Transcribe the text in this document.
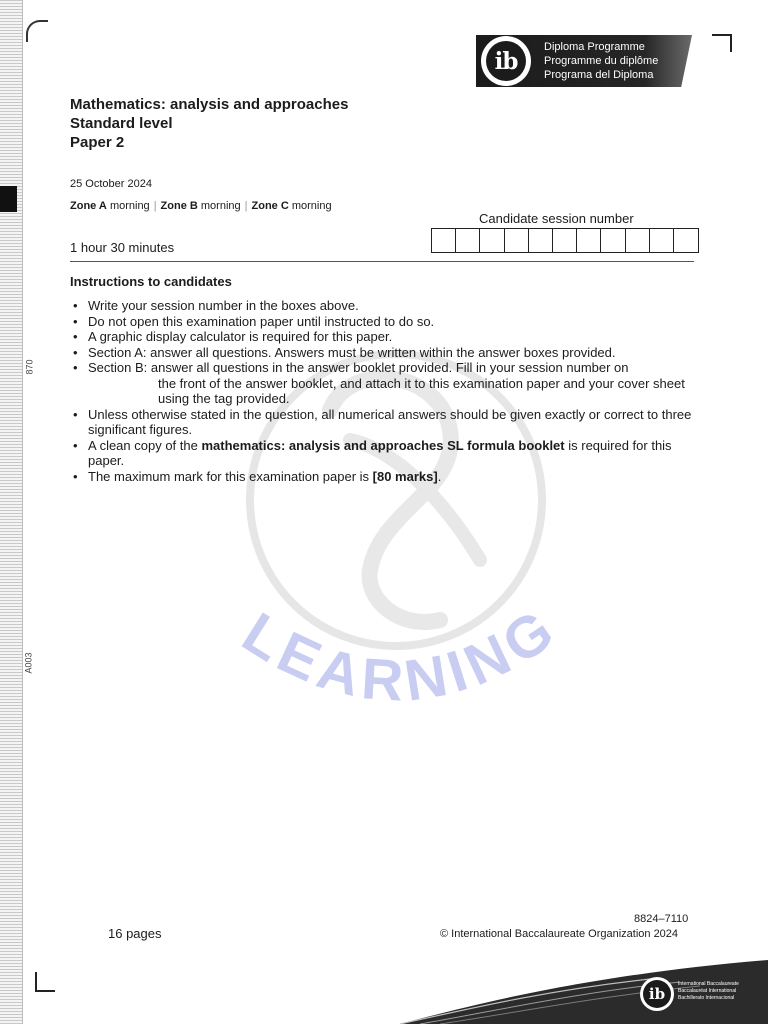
870
A003
ib
Diploma Programme
Programme du diplôme
Programa del Diploma
LEARNING
Mathematics: analysis and approaches
Standard level
Paper 2
25 October 2024
Zone A morning | Zone B morning | Zone C morning
1 hour 30 minutes
Candidate session number
Instructions to candidates
• Write your session number in the boxes above.
• Do not open this examination paper until instructed to do so.
• A graphic display calculator is required for this paper.
• Section A: answer all questions. Answers must be written within the answer boxes provided.
• Section B: answer all questions in the answer booklet provided. Fill in your session number on
the front of the answer booklet, and attach it to this examination paper and your cover sheet using the tag provided.
• Unless otherwise stated in the question, all numerical answers should be given exactly or correct to three significant figures.
• A clean copy of the mathematics: analysis and approaches SL formula booklet is required for this paper.
• The maximum mark for this examination paper is [80 marks].
16 pages
8824–7110
© International Baccalaureate Organization 2024
ib
International Baccalaureate
Baccalauréat International
Bachillerato Internacional
